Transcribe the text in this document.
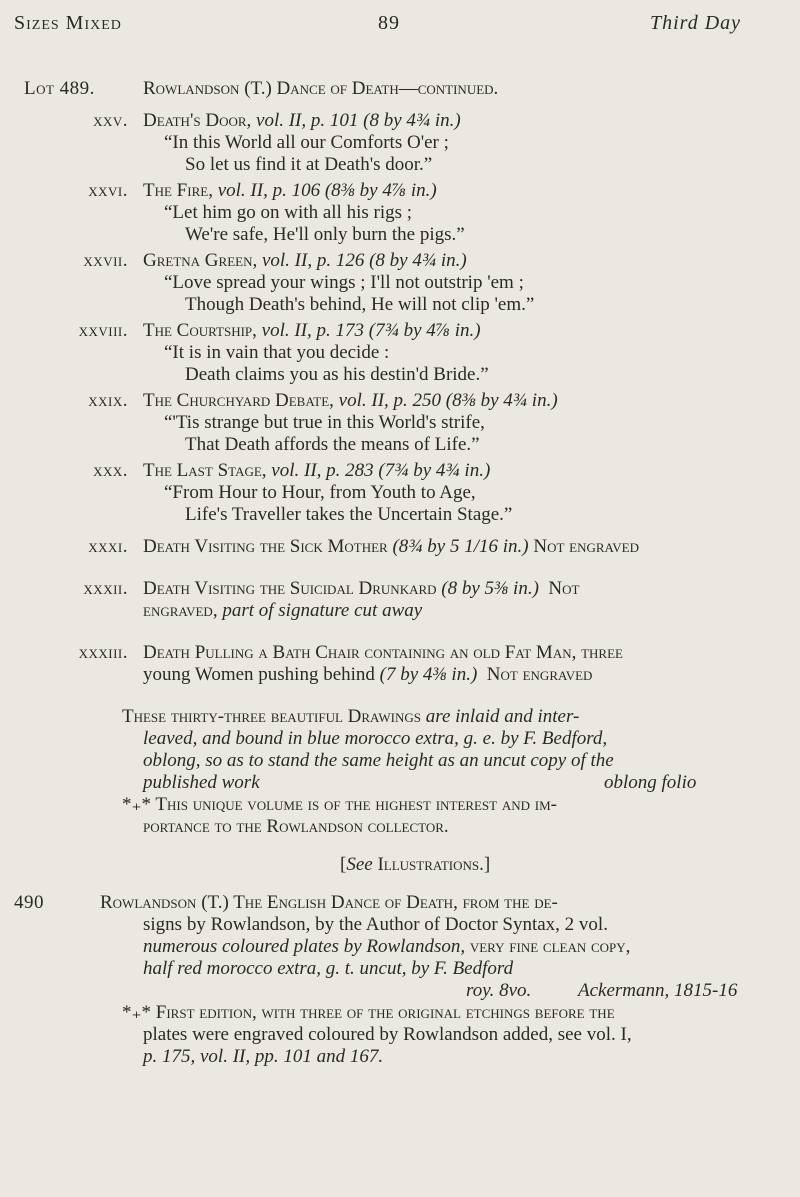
Sizes Mixed	89	Third Day
Lot 489.	Rowlandson (T.) Dance of Death—continued.
xxv. Death's Door, vol. II, p. 101 (8 by 4¾ in.)
“In this World all our Comforts O'er ;
So let us find it at Death's door.”
xxvi. The Fire, vol. II, p. 106 (8⅜ by 4⅞ in.)
“Let him go on with all his rigs ;
We're safe, He'll only burn the pigs.”
xxvii. Gretna Green, vol. II, p. 126 (8 by 4¾ in.)
“Love spread your wings ; I'll not outstrip 'em ;
Though Death's behind, He will not clip 'em.”
xxviii. The Courtship, vol. II, p. 173 (7¾ by 4⅞ in.)
“It is in vain that you decide :
Death claims you as his destin'd Bride.”
xxix. The Churchyard Debate, vol. II, p. 250 (8⅜ by 4¾ in.)
“'Tis strange but true in this World's strife,
That Death affords the means of Life.”
xxx. The Last Stage, vol. II, p. 283 (7¾ by 4¾ in.)
“From Hour to Hour, from Youth to Age,
Life's Traveller takes the Uncertain Stage.”
xxxi. Death Visiting the Sick Mother (8¾ by 5 1/16 in.) Not engraved
xxxii. Death Visiting the Suicidal Drunkard (8 by 5⅜ in.) Not
engraved, part of signature cut away
xxxiii. Death Pulling a Bath Chair containing an old Fat Man, three
young Women pushing behind (7 by 4⅜ in.) Not engraved
These thirty-three beautiful Drawings are inlaid and inter-
leaved, and bound in blue morocco extra, g. e. by F. Bedford,
oblong, so as to stand the same height as an uncut copy of the
published work	oblong folio
*₊* This unique volume is of the highest interest and im-
portance to the Rowlandson collector.
[See Illustrations.]
490	Rowlandson (T.) The English Dance of Death, from the de-
signs by Rowlandson, by the Author of Doctor Syntax, 2 vol.
numerous coloured plates by Rowlandson, very fine clean copy,
half red morocco extra, g. t. uncut, by F. Bedford
roy. 8vo. Ackermann, 1815-16
*₊* First edition, with three of the original etchings before the
plates were engraved coloured by Rowlandson added, see vol. I,
p. 175, vol. II, pp. 101 and 167.
